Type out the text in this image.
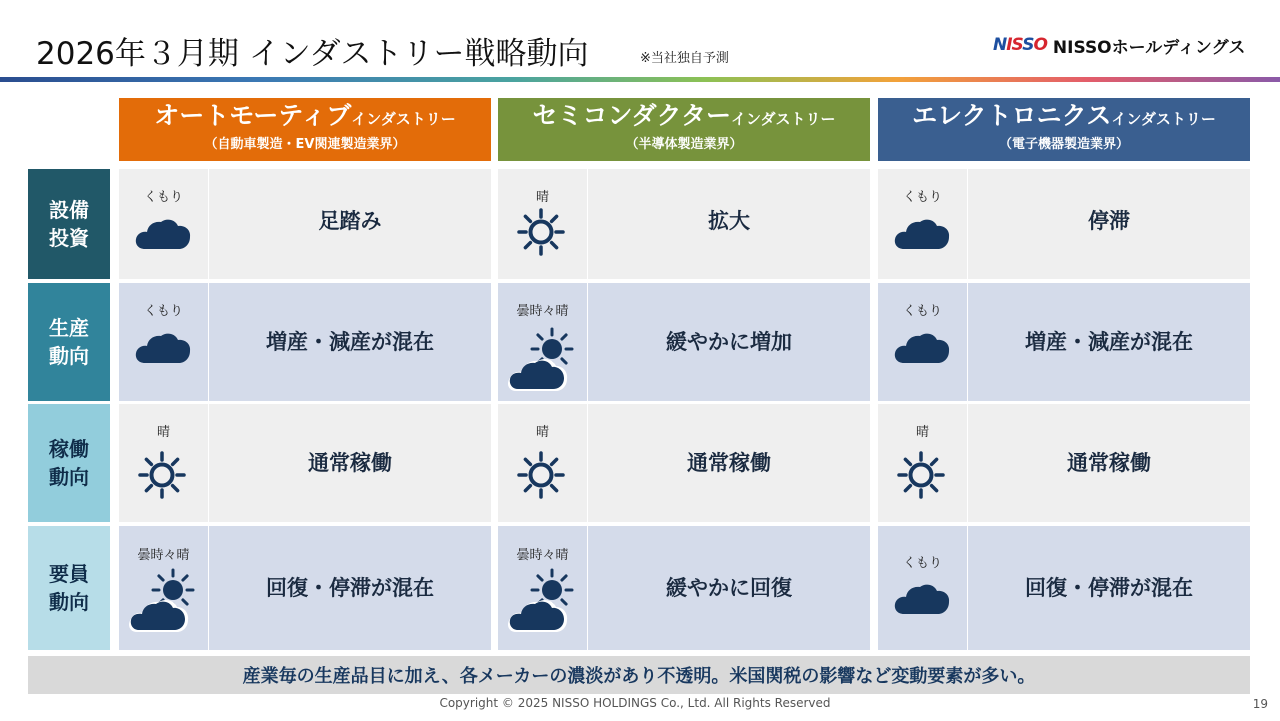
2026年３月期 インダストリー戦略動向	※当社独自予測
NISSO NISSOホールディングス
オートモーティブインダストリー
（自動車製造・EV関連製造業界）
セミコンダクターインダストリー
（半導体製造業界）
エレクトロニクスインダストリー
（電子機器製造業界）
設備
投資
くもり
足踏み
晴
拡大
くもり
停滞
生産
動向
くもり
増産・減産が混在
曇時々晴
緩やかに増加
くもり
増産・減産が混在
稼働
動向
晴
通常稼働
晴
通常稼働
晴
通常稼働
要員
動向
曇時々晴
回復・停滞が混在
曇時々晴
緩やかに回復
くもり
回復・停滞が混在
産業毎の生産品目に加え、各メーカーの濃淡があり不透明。米国関税の影響など変動要素が多い。
Copyright © 2025 NISSO HOLDINGS Co., Ltd. All Rights Reserved	19
